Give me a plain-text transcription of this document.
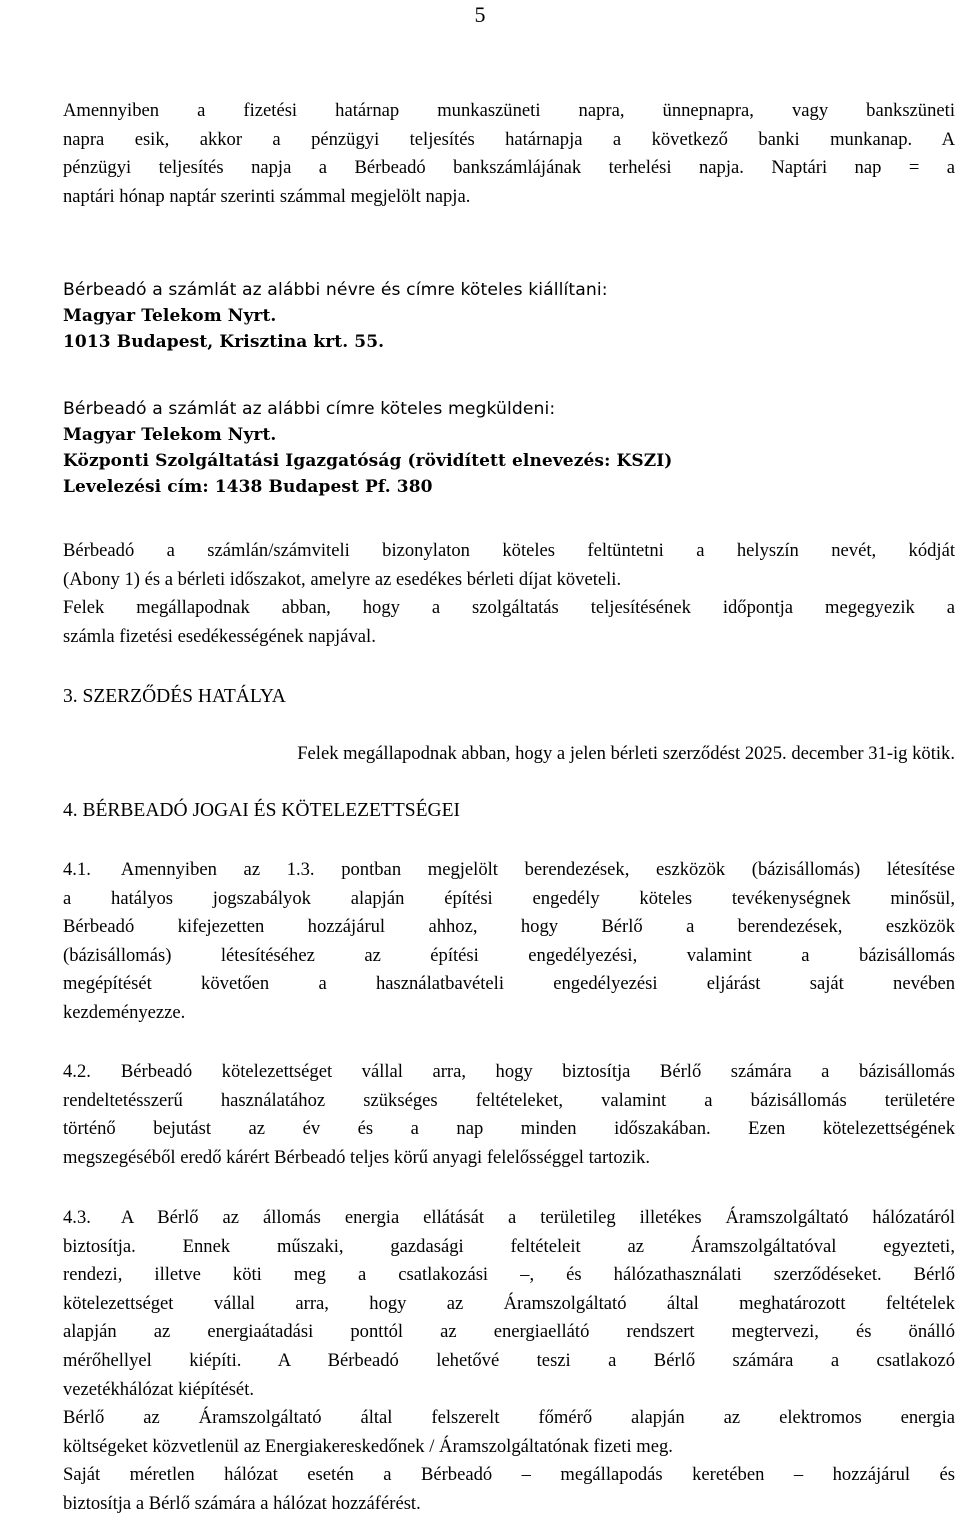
5
Amennyiben a fizetési határnap munkaszüneti napra, ünnepnapra, vagy bankszüneti
napra esik, akkor a pénzügyi teljesítés határnapja a következő banki munkanap. A
pénzügyi teljesítés napja a Bérbeadó bankszámlájának terhelési napja. Naptári nap = a
naptári hónap naptár szerinti számmal megjelölt napja.
Bérbeadó a számlát az alábbi névre és címre köteles kiállítani:
Magyar Telekom Nyrt.
1013 Budapest, Krisztina krt. 55.
Bérbeadó a számlát az alábbi címre köteles megküldeni:
Magyar Telekom Nyrt.
Központi Szolgáltatási Igazgatóság (rövidített elnevezés: KSZI)
Levelezési cím: 1438 Budapest Pf. 380
Bérbeadó a számlán/számviteli bizonylaton köteles feltüntetni a helyszín nevét, kódját
(Abony 1) és a bérleti időszakot, amelyre az esedékes bérleti díjat követeli.
Felek megállapodnak abban, hogy a szolgáltatás teljesítésének időpontja megegyezik a
számla fizetési esedékességének napjával.
3. SZERZŐDÉS HATÁLYA
Felek megállapodnak abban, hogy a jelen bérleti szerződést 2025. december 31-ig kötik.
4. BÉRBEADÓ JOGAI ÉS KÖTELEZETTSÉGEI
4.1. Amennyiben az 1.3. pontban megjelölt berendezések, eszközök (bázisállomás) létesítése
a hatályos jogszabályok alapján építési engedély köteles tevékenységnek minősül,
Bérbeadó kifejezetten hozzájárul ahhoz, hogy Bérlő a berendezések, eszközök
(bázisállomás) létesítéséhez az építési engedélyezési, valamint a bázisállomás
megépítését követően a használatbavételi engedélyezési eljárást saját nevében
kezdeményezze.
4.2. Bérbeadó kötelezettséget vállal arra, hogy biztosítja Bérlő számára a bázisállomás
rendeltetésszerű használatához szükséges feltételeket, valamint a bázisállomás területére
történő bejutást az év és a nap minden időszakában. Ezen kötelezettségének
megszegéséből eredő kárért Bérbeadó teljes körű anyagi felelősséggel tartozik.
4.3. A Bérlő az állomás energia ellátását a területileg illetékes Áramszolgáltató hálózatáról
biztosítja. Ennek műszaki, gazdasági feltételeit az Áramszolgáltatóval egyezteti,
rendezi, illetve köti meg a csatlakozási –, és hálózathasználati szerződéseket. Bérlő
kötelezettséget vállal arra, hogy az Áramszolgáltató által meghatározott feltételek
alapján az energiaátadási ponttól az energiaellátó rendszert megtervezi, és önálló
mérőhellyel kiépíti. A Bérbeadó lehetővé teszi a Bérlő számára a csatlakozó
vezetékhálózat kiépítését.
Bérlő az Áramszolgáltató által felszerelt főmérő alapján az elektromos energia
költségeket közvetlenül az Energiakereskedőnek / Áramszolgáltatónak fizeti meg.
Saját méretlen hálózat esetén a Bérbeadó – megállapodás keretében – hozzájárul és
biztosítja a Bérlő számára a hálózat hozzáférést.
